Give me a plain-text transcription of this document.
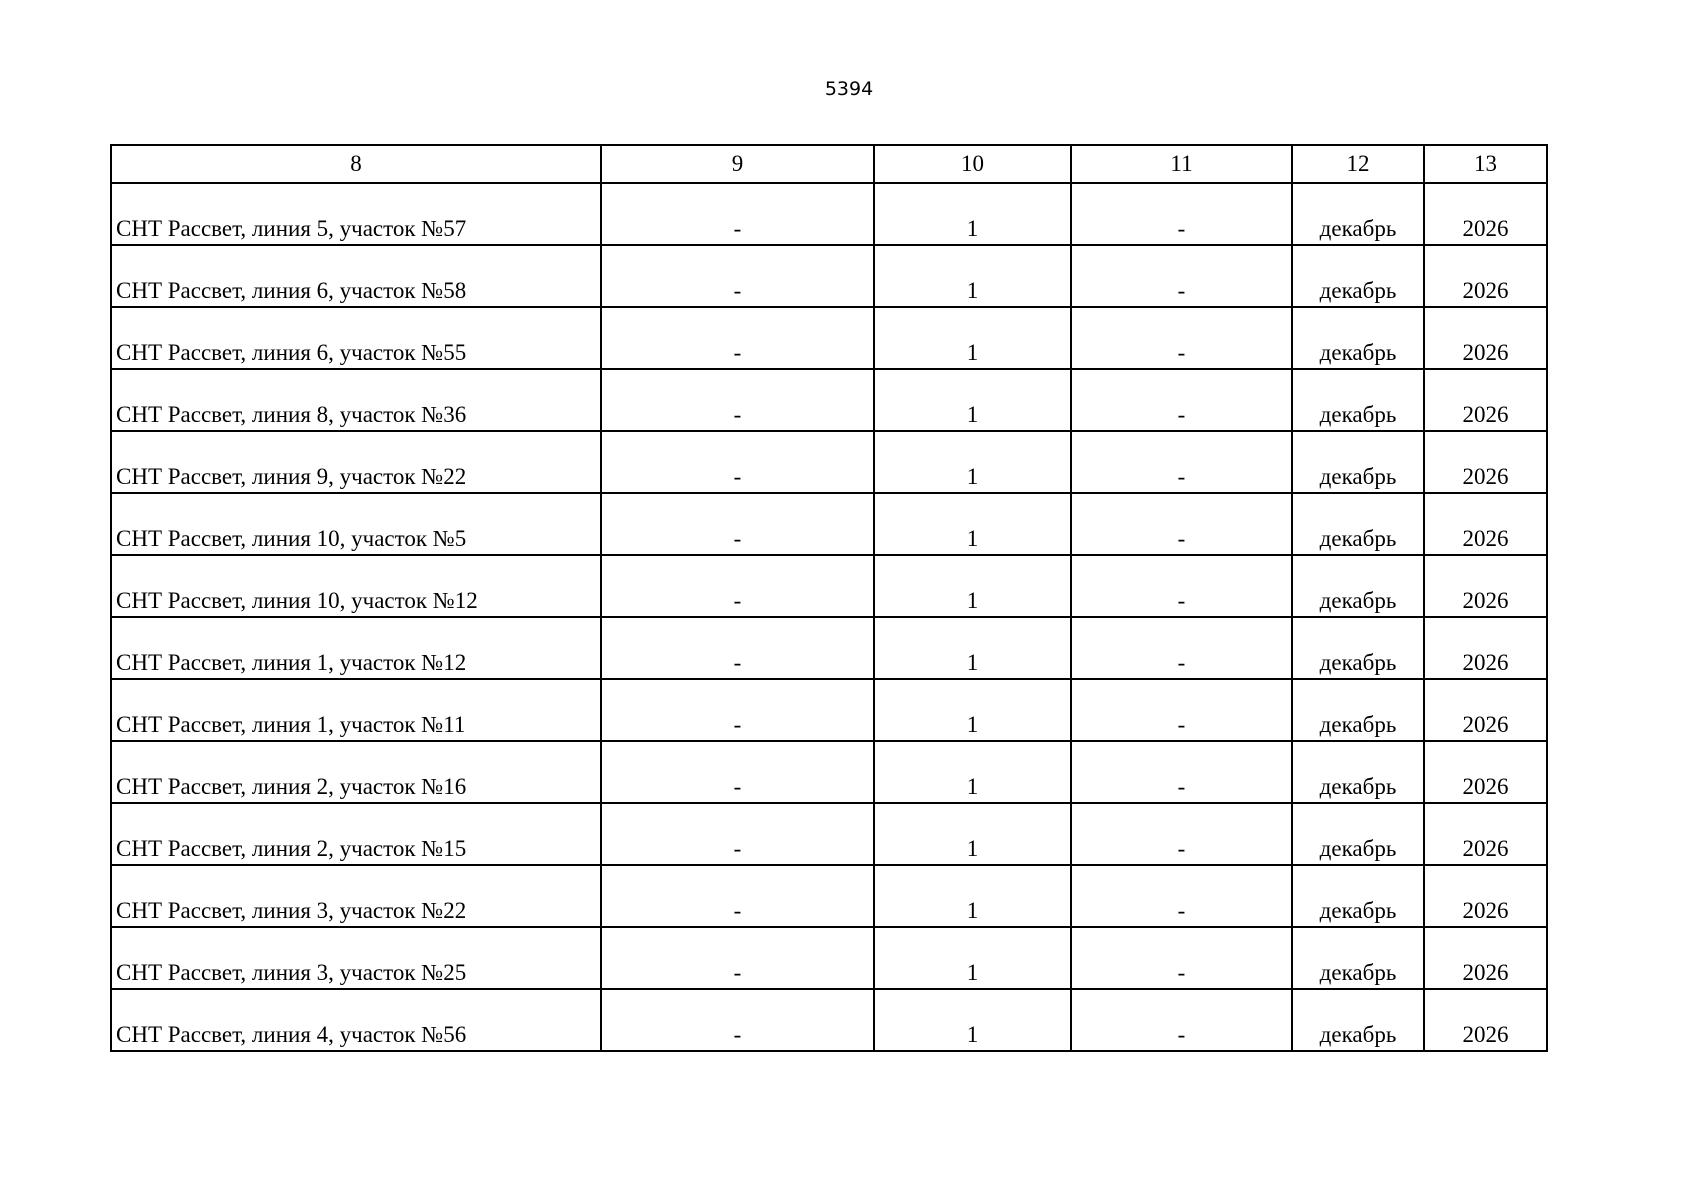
5394
8	9	10	11	12	13
СНТ Рассвет, линия 5, участок №57	-	1	-	декабрь	2026
СНТ Рассвет, линия 6, участок №58	-	1	-	декабрь	2026
СНТ Рассвет, линия 6, участок №55	-	1	-	декабрь	2026
СНТ Рассвет, линия 8, участок №36	-	1	-	декабрь	2026
СНТ Рассвет, линия 9, участок №22	-	1	-	декабрь	2026
СНТ Рассвет, линия 10, участок №5	-	1	-	декабрь	2026
СНТ Рассвет, линия 10, участок №12	-	1	-	декабрь	2026
СНТ Рассвет, линия 1, участок №12	-	1	-	декабрь	2026
СНТ Рассвет, линия 1, участок №11	-	1	-	декабрь	2026
СНТ Рассвет, линия 2, участок №16	-	1	-	декабрь	2026
СНТ Рассвет, линия 2, участок №15	-	1	-	декабрь	2026
СНТ Рассвет, линия 3, участок №22	-	1	-	декабрь	2026
СНТ Рассвет, линия 3, участок №25	-	1	-	декабрь	2026
СНТ Рассвет, линия 4, участок №56	-	1	-	декабрь	2026
